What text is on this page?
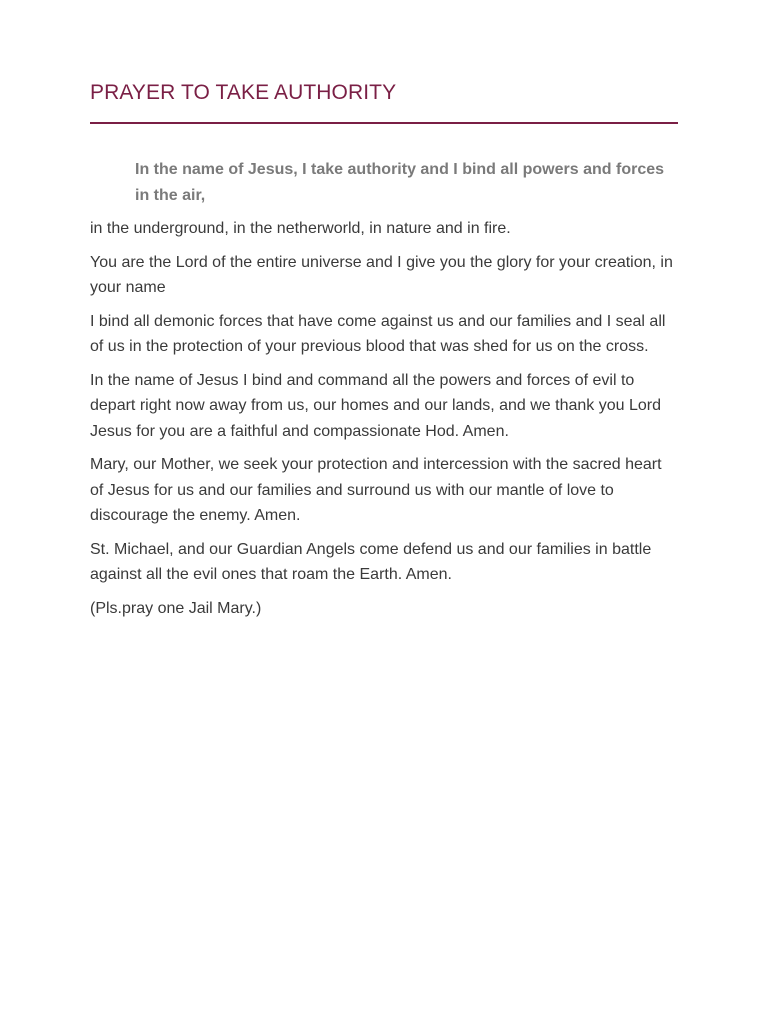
PRAYER TO TAKE AUTHORITY

In the name of Jesus, I take authority and I bind all powers and forces in the air,

in the underground, in the netherworld, in nature and in fire.

You are the Lord of the entire universe and I give you the glory for your creation, in your name

I bind all demonic forces that have come against us and our families and I seal all of us in the protection of your previous blood that was shed for us on the cross.

In the name of Jesus I bind and command all the powers and forces of evil to depart right now away from us, our homes and our lands, and we thank you Lord Jesus for you are a faithful and compassionate Hod. Amen.

Mary, our Mother, we seek your protection and intercession with the sacred heart of Jesus for us and our families and surround us with our mantle of love to discourage the enemy. Amen.

St. Michael, and our Guardian Angels come defend us and our families in battle against all the evil ones that roam the Earth. Amen.

(Pls.pray one Jail Mary.)
